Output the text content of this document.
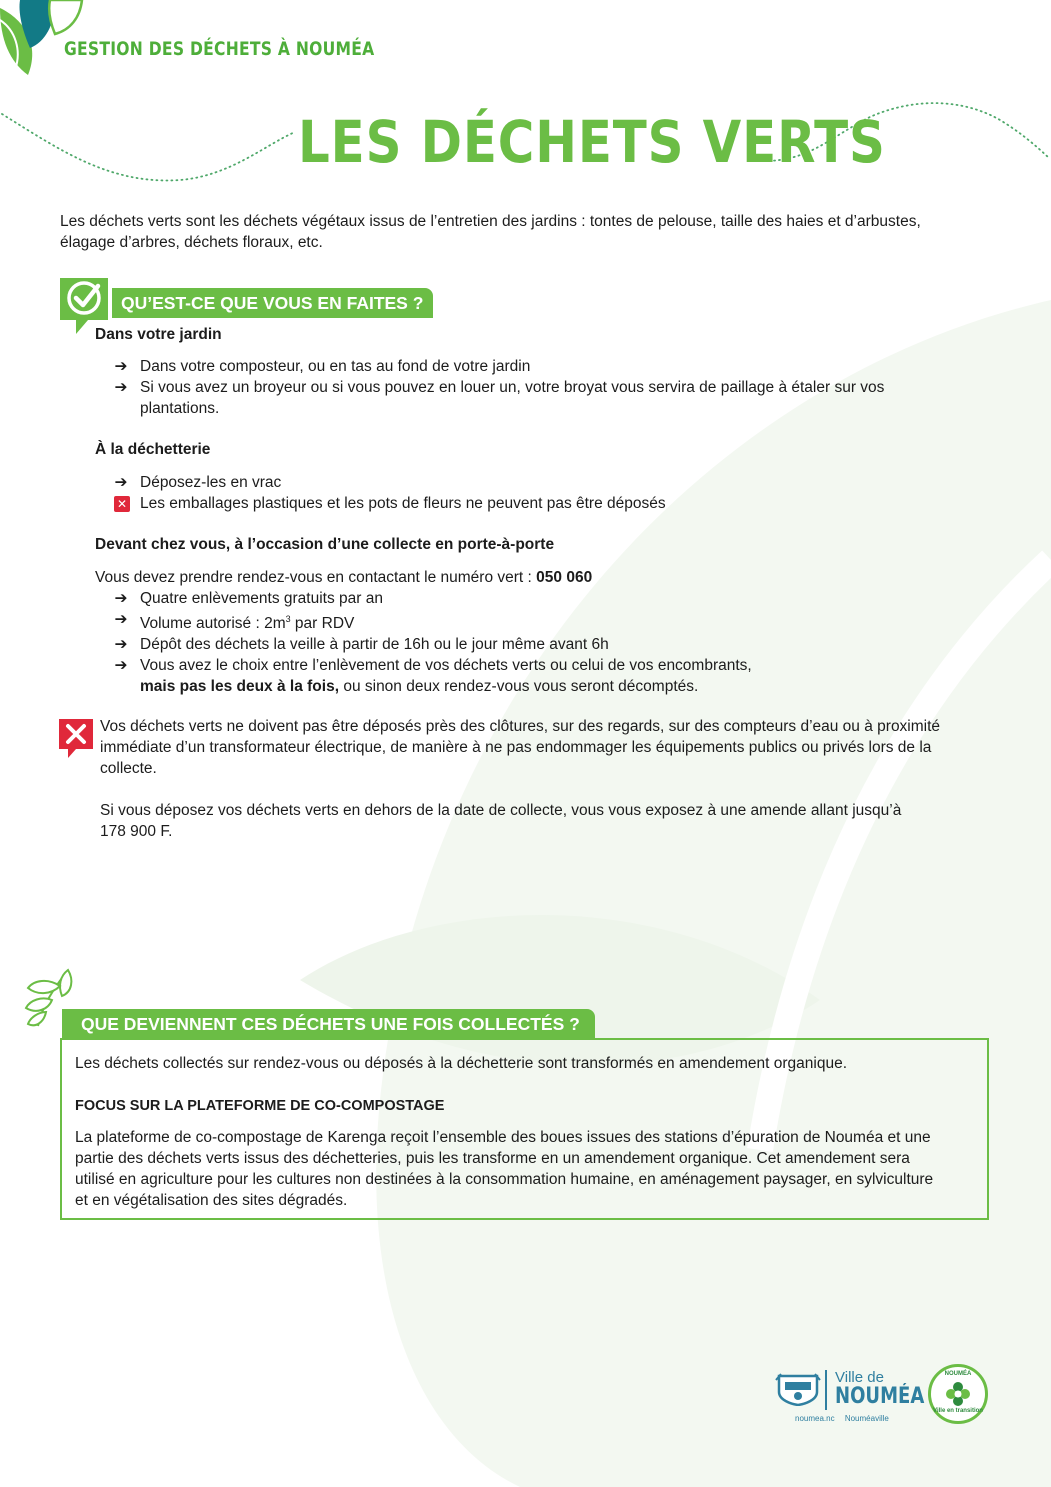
GESTION DES DÉCHETS À NOUMÉA
LES DÉCHETS VERTS
Les déchets verts sont les déchets végétaux issus de l’entretien des jardins : tontes de pelouse, taille des haies et d’arbustes,
élagage d’arbres, déchets floraux, etc.
QU’EST-CE QUE VOUS EN FAITES ?
Dans votre jardin
➔ Dans votre composteur, ou en tas au fond de votre jardin
➔ Si vous avez un broyeur ou si vous pouvez en louer un, votre broyat vous servira de paillage à étaler sur vos
plantations.
À la déchetterie
➔ Déposez-les en vrac
✕ Les emballages plastiques et les pots de fleurs ne peuvent pas être déposés
Devant chez vous, à l’occasion d’une collecte en porte-à-porte
Vous devez prendre rendez-vous en contactant le numéro vert : 050 060
➔ Quatre enlèvements gratuits par an
➔ Volume autorisé : $2m^3$ par RDV
➔ Dépôt des déchets la veille à partir de 16h ou le jour même avant 6h
➔ Vous avez le choix entre l’enlèvement de vos déchets verts ou celui de vos encombrants,
mais pas les deux à la fois, ou sinon deux rendez-vous vous seront décomptés.
Vos déchets verts ne doivent pas être déposés près des clôtures, sur des regards, sur des compteurs d’eau ou à proximité
immédiate d’un transformateur électrique, de manière à ne pas endommager les équipements publics ou privés lors de la
collecte.
Si vous déposez vos déchets verts en dehors de la date de collecte, vous vous exposez à une amende allant jusqu’à
178 900 F.
QUE DEVIENNENT CES DÉCHETS UNE FOIS COLLECTÉS ?
Les déchets collectés sur rendez-vous ou déposés à la déchetterie sont transformés en amendement organique.
FOCUS SUR LA PLATEFORME DE CO-COMPOSTAGE
La plateforme de co-compostage de Karenga reçoit l’ensemble des boues issues des stations d’épuration de Nouméa et une
partie des déchets verts issus des déchetteries, puis les transforme en un amendement organique. Cet amendement sera
utilisé en agriculture pour les cultures non destinées à la consommation humaine, en aménagement paysager, en sylviculture
et en végétalisation des sites dégradés.
Ville de
NOUMÉA
noumea.nc Nouméaville
NOUMÉA
Ville en transition
